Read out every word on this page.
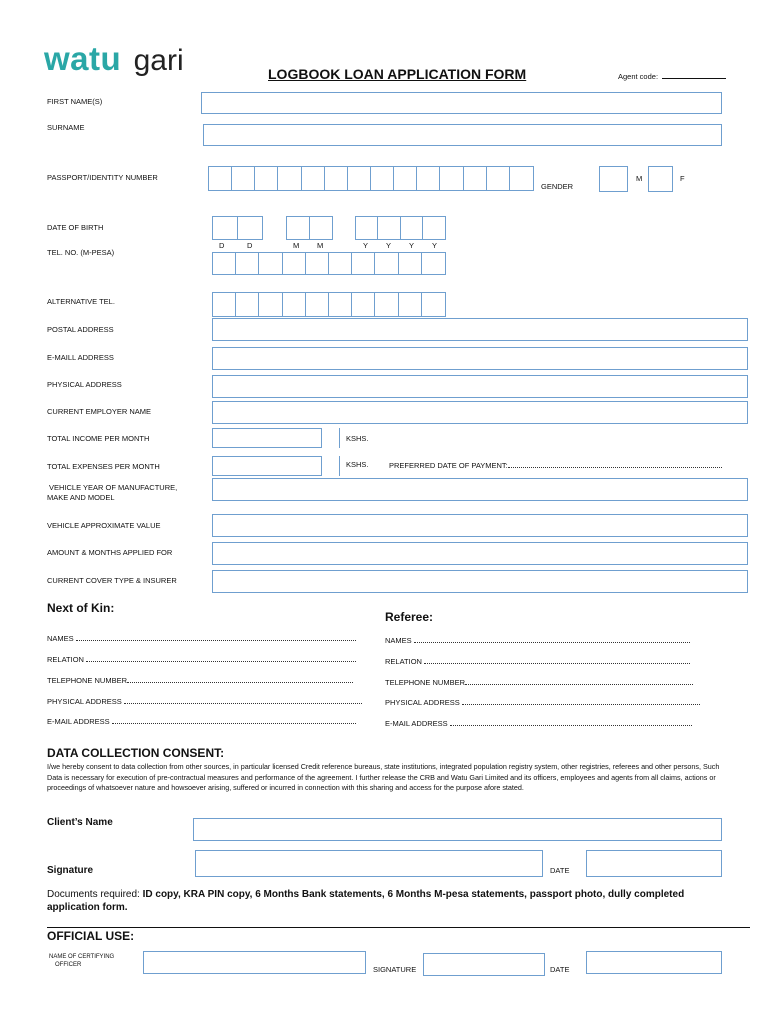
watu gari	LOGBOOK LOAN APPLICATION FORM	Agent code:
FIRST NAME(S)
SURNAME
PASSPORT/IDENTITY NUMBER
GENDER
M	F
DATE OF BIRTH
D	D	M M	Y Y Y Y
TEL. NO. (M-PESA)
ALTERNATIVE TEL.
POSTAL ADDRESS
E-MAILL ADDRESS
PHYSICAL ADDRESS
CURRENT EMPLOYER NAME
TOTAL INCOME PER MONTH	KSHS.
TOTAL EXPENSES PER MONTH	KSHS.	PREFERRED DATE OF PAYMENT:
VEHICLE YEAR OF MANUFACTURE,
MAKE AND MODEL
VEHICLE APPROXIMATE VALUE
AMOUNT & MONTHS APPLIED FOR
CURRENT COVER TYPE & INSURER
Next of Kin:
NAMES
RELATION
TELEPHONE NUMBER
PHYSICAL ADDRESS
E-MAIL ADDRESS
Referee:
NAMES
RELATION
TELEPHONE NUMBER
PHYSICAL ADDRESS
E-MAIL ADDRESS
DATA COLLECTION CONSENT:
I/we hereby consent to data collection from other sources, in particular licensed Credit reference bureaus, state institutions, integrated population registry system, other registries, referees and other persons, Such Data is necessary for execution of pre-contractual measures and performance of the agreement. I further release the CRB and Watu Gari Limited and its officers, employees and agents from all claims, actions or proceedings of whatsoever nature and howsoever arising, suffered or incurred in connection with this sharing and access for the purpose afore stated.
Client’s Name
Signature	DATE
Documents required: ID copy, KRA PIN copy, 6 Months Bank statements, 6 Months M-pesa statements, passport photo, dully completed application form.
OFFICIAL USE:
NAME OF CERTIFYING
OFFICER	SIGNATURE	DATE
